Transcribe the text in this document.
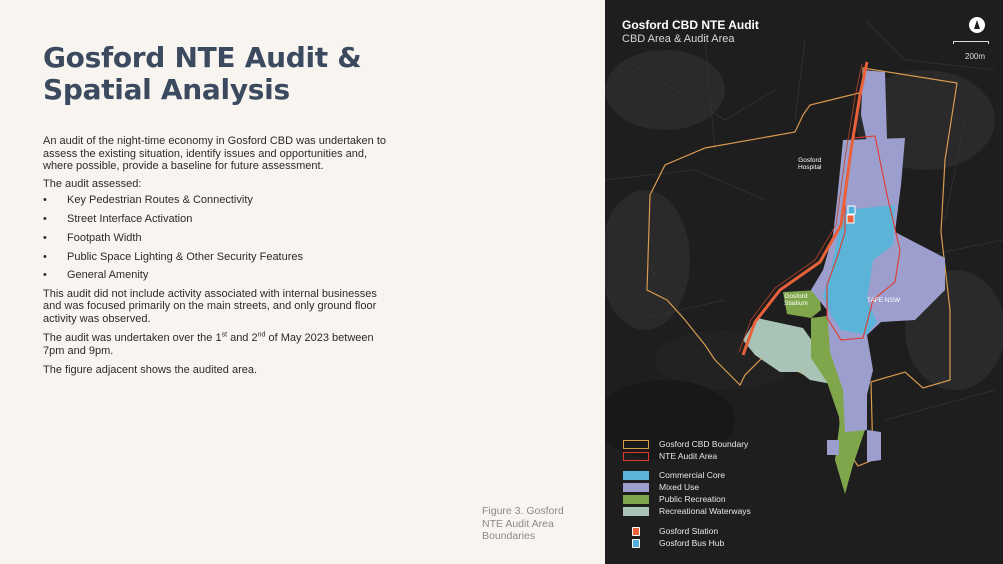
Gosford NTE Audit &
Spatial Analysis

An audit of the night-time economy in Gosford CBD was undertaken to assess the existing situation, identify issues and opportunities and, where possible, provide a baseline for future assessment.

The audit assessed:

•	Key Pedestrian Routes & Connectivity
•	Street Interface Activation
•	Footpath Width
•	Public Space Lighting & Other Security Features
•	General Amenity

This audit did not include activity associated with internal businesses and was focused primarily on the main streets, and only ground floor activity was observed.

The audit was undertaken over the 1st and 2nd of May 2023 between 7pm and 9pm.

The figure adjacent shows the audited area.

Figure 3. Gosford
NTE Audit Area
Boundaries
Gosford CBD NTE Audit
CBD Area & Audit Area
200m
Gosford
Hospital
Gosford
Stadium	TAFE NSW
Gosford CBD Boundary
NTE Audit Area
Commercial Core
Mixed Use
Public Recreation
Recreational Waterways
Gosford Station
Gosford Bus Hub
